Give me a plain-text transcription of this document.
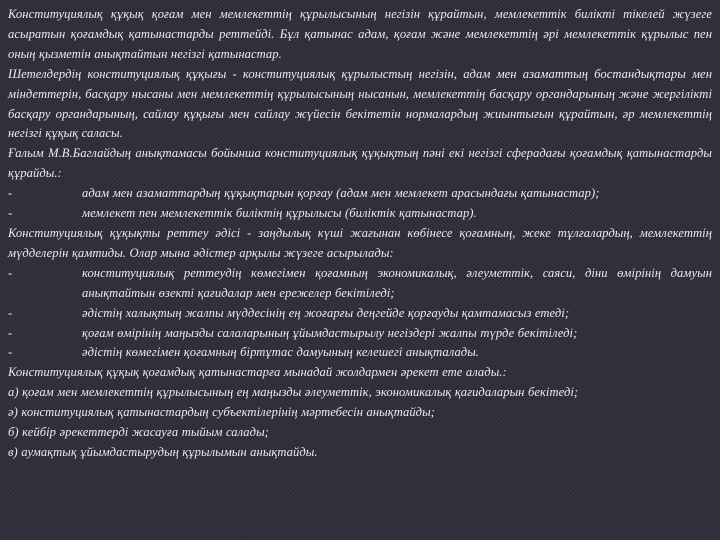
Конституциялық құқық қоғам мен мемлекеттің құрылысының негізін құрайтын, мемлекеттік билікті тікелей жүзеге асыратын қоғамдық қатынастарды реттейді. Бұл қатынас адам, қоғам және мемлекеттің әрі мемлекеттік құрылыс пен оның қызметін анықтайтын негізгі қатынастар.

Шетелдердің конституциялық құқығы - конституциялық құрылыстың негізін, адам мен азаматтың бостандықтары мен міндеттерін, басқару нысаны мен мемлекеттің құрылысының нысанын, мемлекеттің басқару органдарының және жергілікті басқару органдарының, сайлау құқығы мен сайлау жүйесін бекітетін нормалардың жиынтығын құрайтын, әр мемлекеттің негізгі құқық саласы.

Ғалым М.В.Баглайдың анықтамасы бойынша конституциялық құқықтың пәні екі негізгі сферадағы қоғамдық қатынастарды құрайды.:

-	адам мен азаматтардың құқықтарын қорғау (адам мен мемлекет арасындағы қатынастар);
-	мемлекет пен мемлекеттік биліктің құрылысы (биліктік қатынастар).

Конституциялық құқықты реттеу әдісі - заңдылық күші жағынан көбінесе қоғамның, жеке тұлғалардың, мемлекеттің мүдделерін қамтиды. Олар мына әдістер арқылы жүзеге асырылады:

-	конституциялық реттеудің көмегімен қоғамның экономикалық, әлеуметтік, саяси, діни өмірінің дамуын анықтайтын өзекті қағидалар мен ережелер бекітіледі;
-	әдістің халықтың жалпы мүддесінің ең жоғарғы деңгейде қорғауды қамтамасыз етеді;
-	қоғам өмірінің маңызды салаларының ұйымдастырылу негіздері жалпы түрде бекітіледі;
-	әдістің көмегімен қоғамның біртұтас дамуының келешегі анықталады.

Конституциялық құқық қоғамдық қатынастарға мынадай жолдармен әрекет ете алады.:

а) қоғам мен мемлекеттің құрылысының ең маңызды әлеуметтік, экономикалық қағидаларын бекітеді;

ә) конституциялық қатынастардың субъектілерінің мәртебесін анықтайды;

б) кейбір әрекеттерді жасауға тыйым салады;

в) аумақтық ұйымдастырудың құрылымын анықтайды.
